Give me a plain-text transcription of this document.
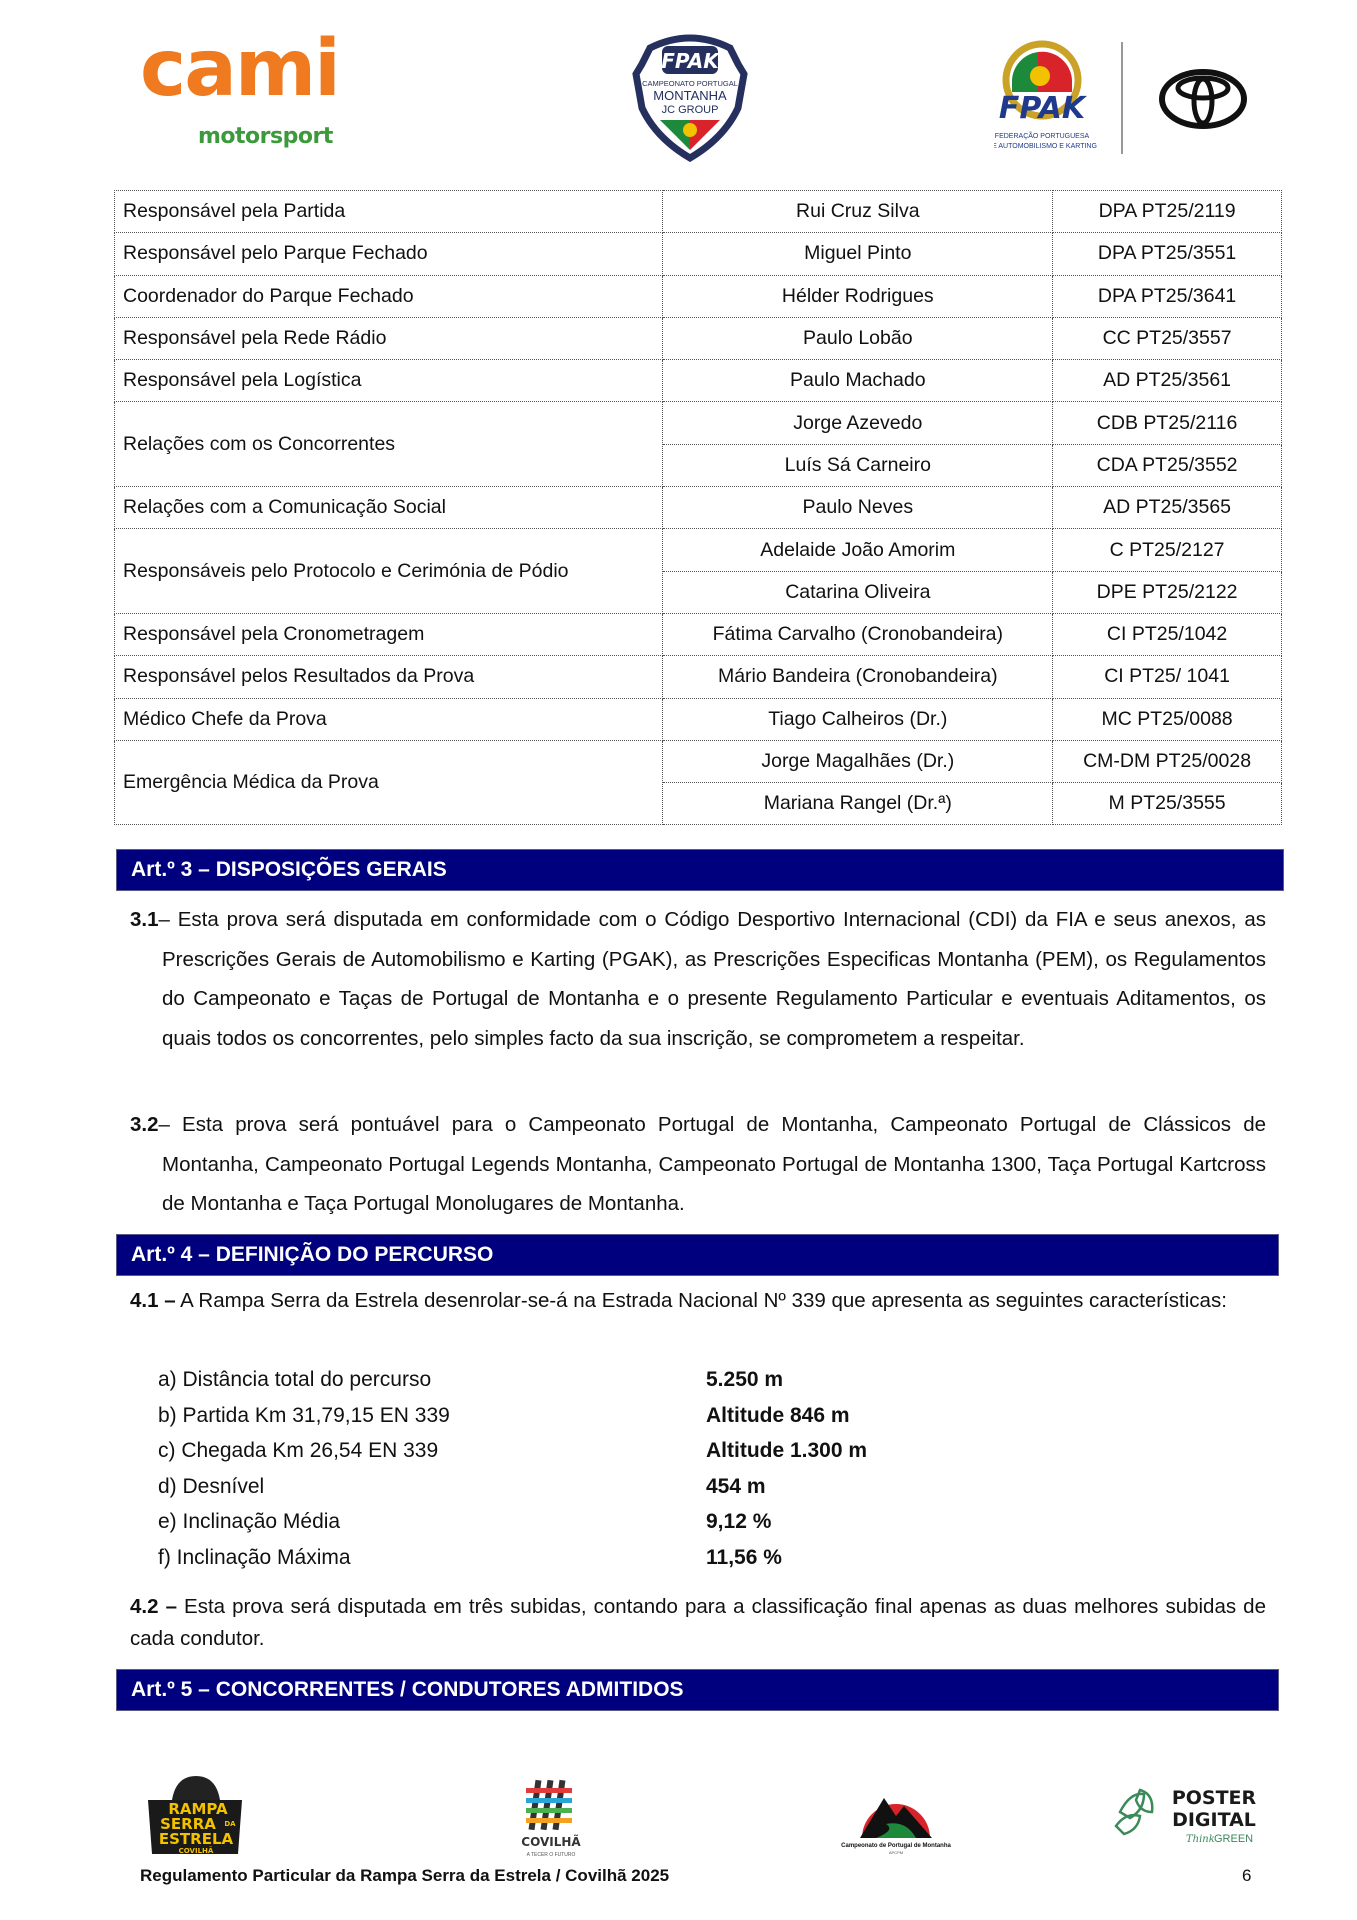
cami
motorsport
FPAK
CAMPEONATO PORTUGAL
MONTANHA
JC GROUP	FPAK
FEDERAÇÃO PORTUGUESA
DE AUTOMOBILISMO E KARTING
Responsável pela Partida	Rui Cruz Silva	DPA PT25/2119
Responsável pelo Parque Fechado	Miguel Pinto	DPA PT25/3551
Coordenador do Parque Fechado	Hélder Rodrigues	DPA PT25/3641
Responsável pela Rede Rádio	Paulo Lobão	CC PT25/3557
Responsável pela Logística	Paulo Machado	AD PT25/3561
Relações com os Concorrentes	Jorge Azevedo	CDB PT25/2116
	Luís Sá Carneiro	CDA PT25/3552
Relações com a Comunicação Social	Paulo Neves	AD PT25/3565
Responsáveis pelo Protocolo e Cerimónia de Pódio	Adelaide João Amorim	C PT25/2127
	Catarina Oliveira	DPE PT25/2122
Responsável pela Cronometragem	Fátima Carvalho (Cronobandeira)	CI PT25/1042
Responsável pelos Resultados da Prova	Mário Bandeira (Cronobandeira)	CI PT25/ 1041
Médico Chefe da Prova	Tiago Calheiros (Dr.)	MC PT25/0088
Emergência Médica da Prova	Jorge Magalhães (Dr.)	CM-DM PT25/0028
	Mariana Rangel (Dr.ª)	M PT25/3555
Art.º 3 – DISPOSIÇÕES GERAIS
3.1– Esta prova será disputada em conformidade com o Código Desportivo Internacional (CDI) da FIA e seus anexos, as Prescrições Gerais de Automobilismo e Karting (PGAK), as Prescrições Especificas Montanha (PEM), os Regulamentos do Campeonato e Taças de Portugal de Montanha e o presente Regulamento Particular e eventuais Aditamentos, os quais todos os concorrentes, pelo simples facto da sua inscrição, se comprometem a respeitar.
3.2– Esta prova será pontuável para o Campeonato Portugal de Montanha, Campeonato Portugal de Clássicos de Montanha, Campeonato Portugal Legends Montanha, Campeonato Portugal de Montanha 1300, Taça Portugal Kartcross de Montanha e Taça Portugal Monolugares de Montanha.
Art.º 4 – DEFINIÇÃO DO PERCURSO
4.1 – A Rampa Serra da Estrela desenrolar-se-á na Estrada Nacional Nº 339 que apresenta as seguintes características:
a) Distância total do percurso	5.250 m
b) Partida Km 31,79,15 EN 339	Altitude 846 m
c) Chegada Km 26,54 EN 339	Altitude 1.300 m
d) Desnível	454 m
e) Inclinação Média	9,12 %
f) Inclinação Máxima	11,56 %
4.2 – Esta prova será disputada em três subidas, contando para a classificação final apenas as duas melhores subidas de cada condutor.
Art.º 5 – CONCORRENTES / CONDUTORES ADMITIDOS
RAMPA
SERRA DA
ESTRELA
COVILHÃ
COVILHÃ
A TECER O FUTURO
Campeonato de Portugal de Montanha
APCPM
POSTER
DIGITAL
Think GREEN
Regulamento Particular da Rampa Serra da Estrela / Covilhã 2025	6
